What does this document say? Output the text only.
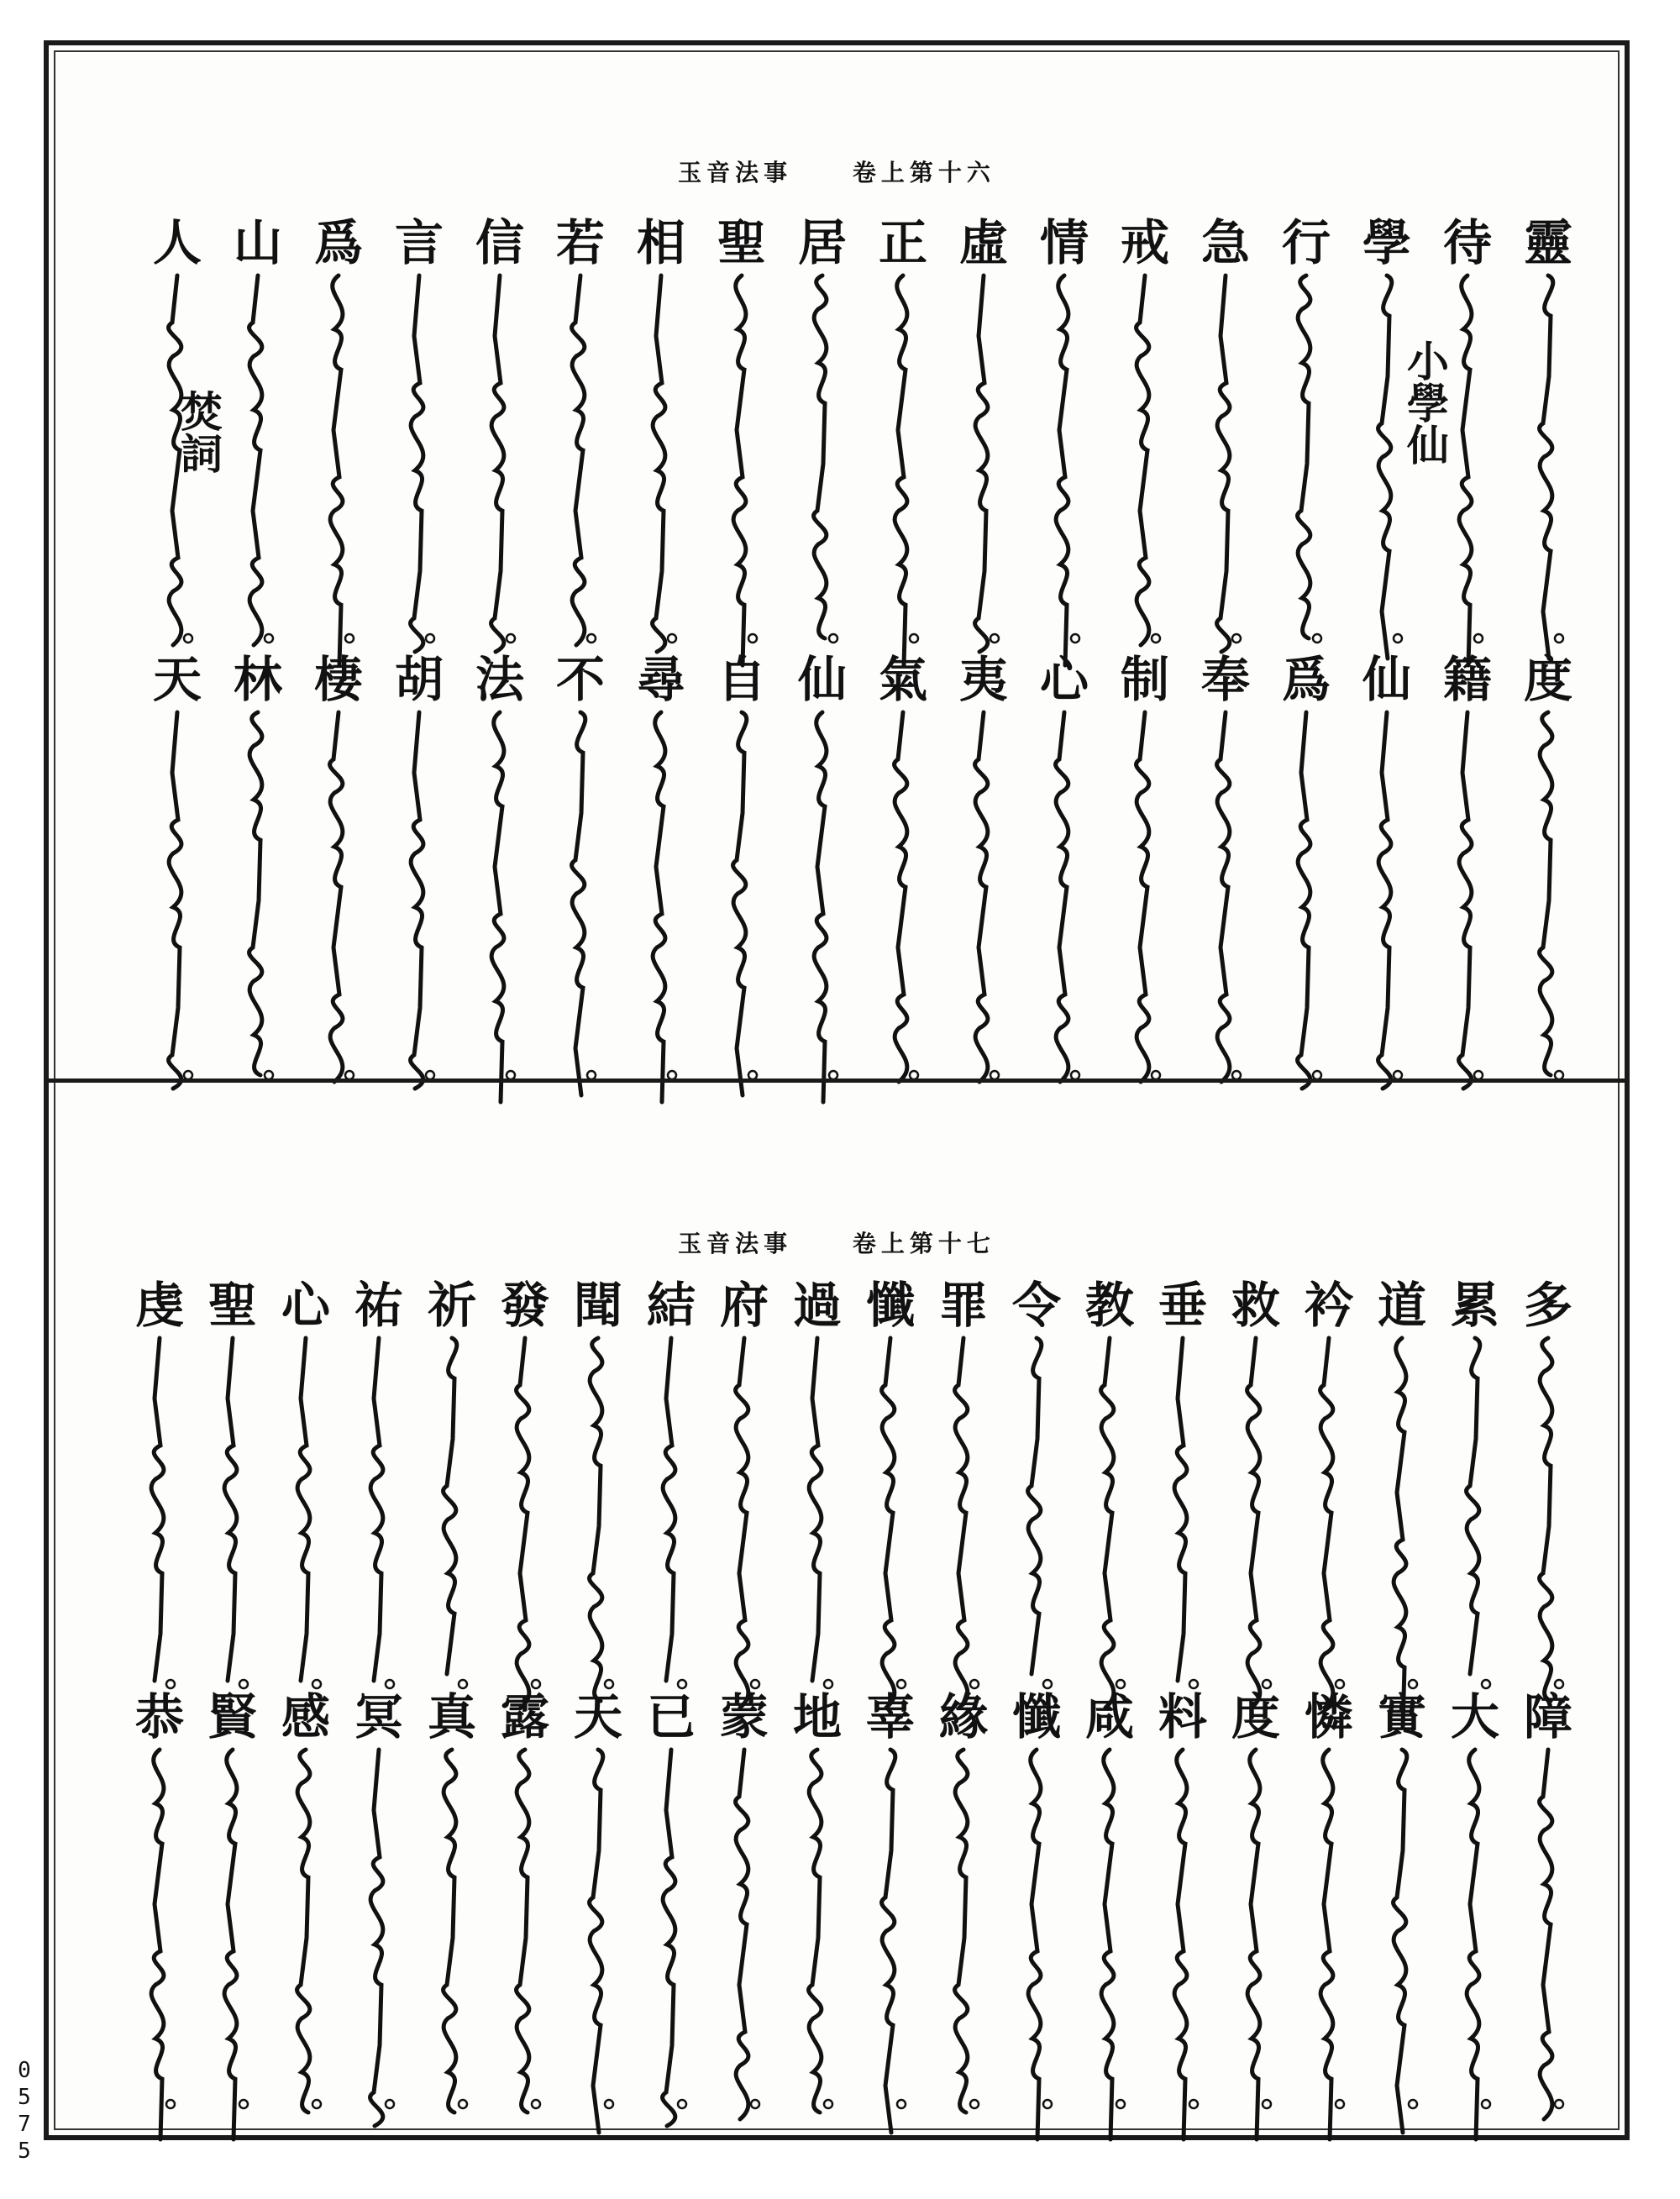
玉音法事	卷上第十六
小學仙
焚詞
靈
待
學
行
急
戒
情
虛
正
居
聖
相
若
信
言
爲
山
人
度
籍
仙
爲
奉
制
心
夷
氣
仙
自
尋
不
法
胡
棲
林
天
玉音法事	卷上第十七
多
累
道
衿
救
垂
教
令
罪
懺
過
府
結
聞
發
祈
祐
心
聖
虔
障
大
實
憐
度
料
咸
懺
緣
辜
地
蒙
已
天
露
真
冥
感
賢
恭
0575
